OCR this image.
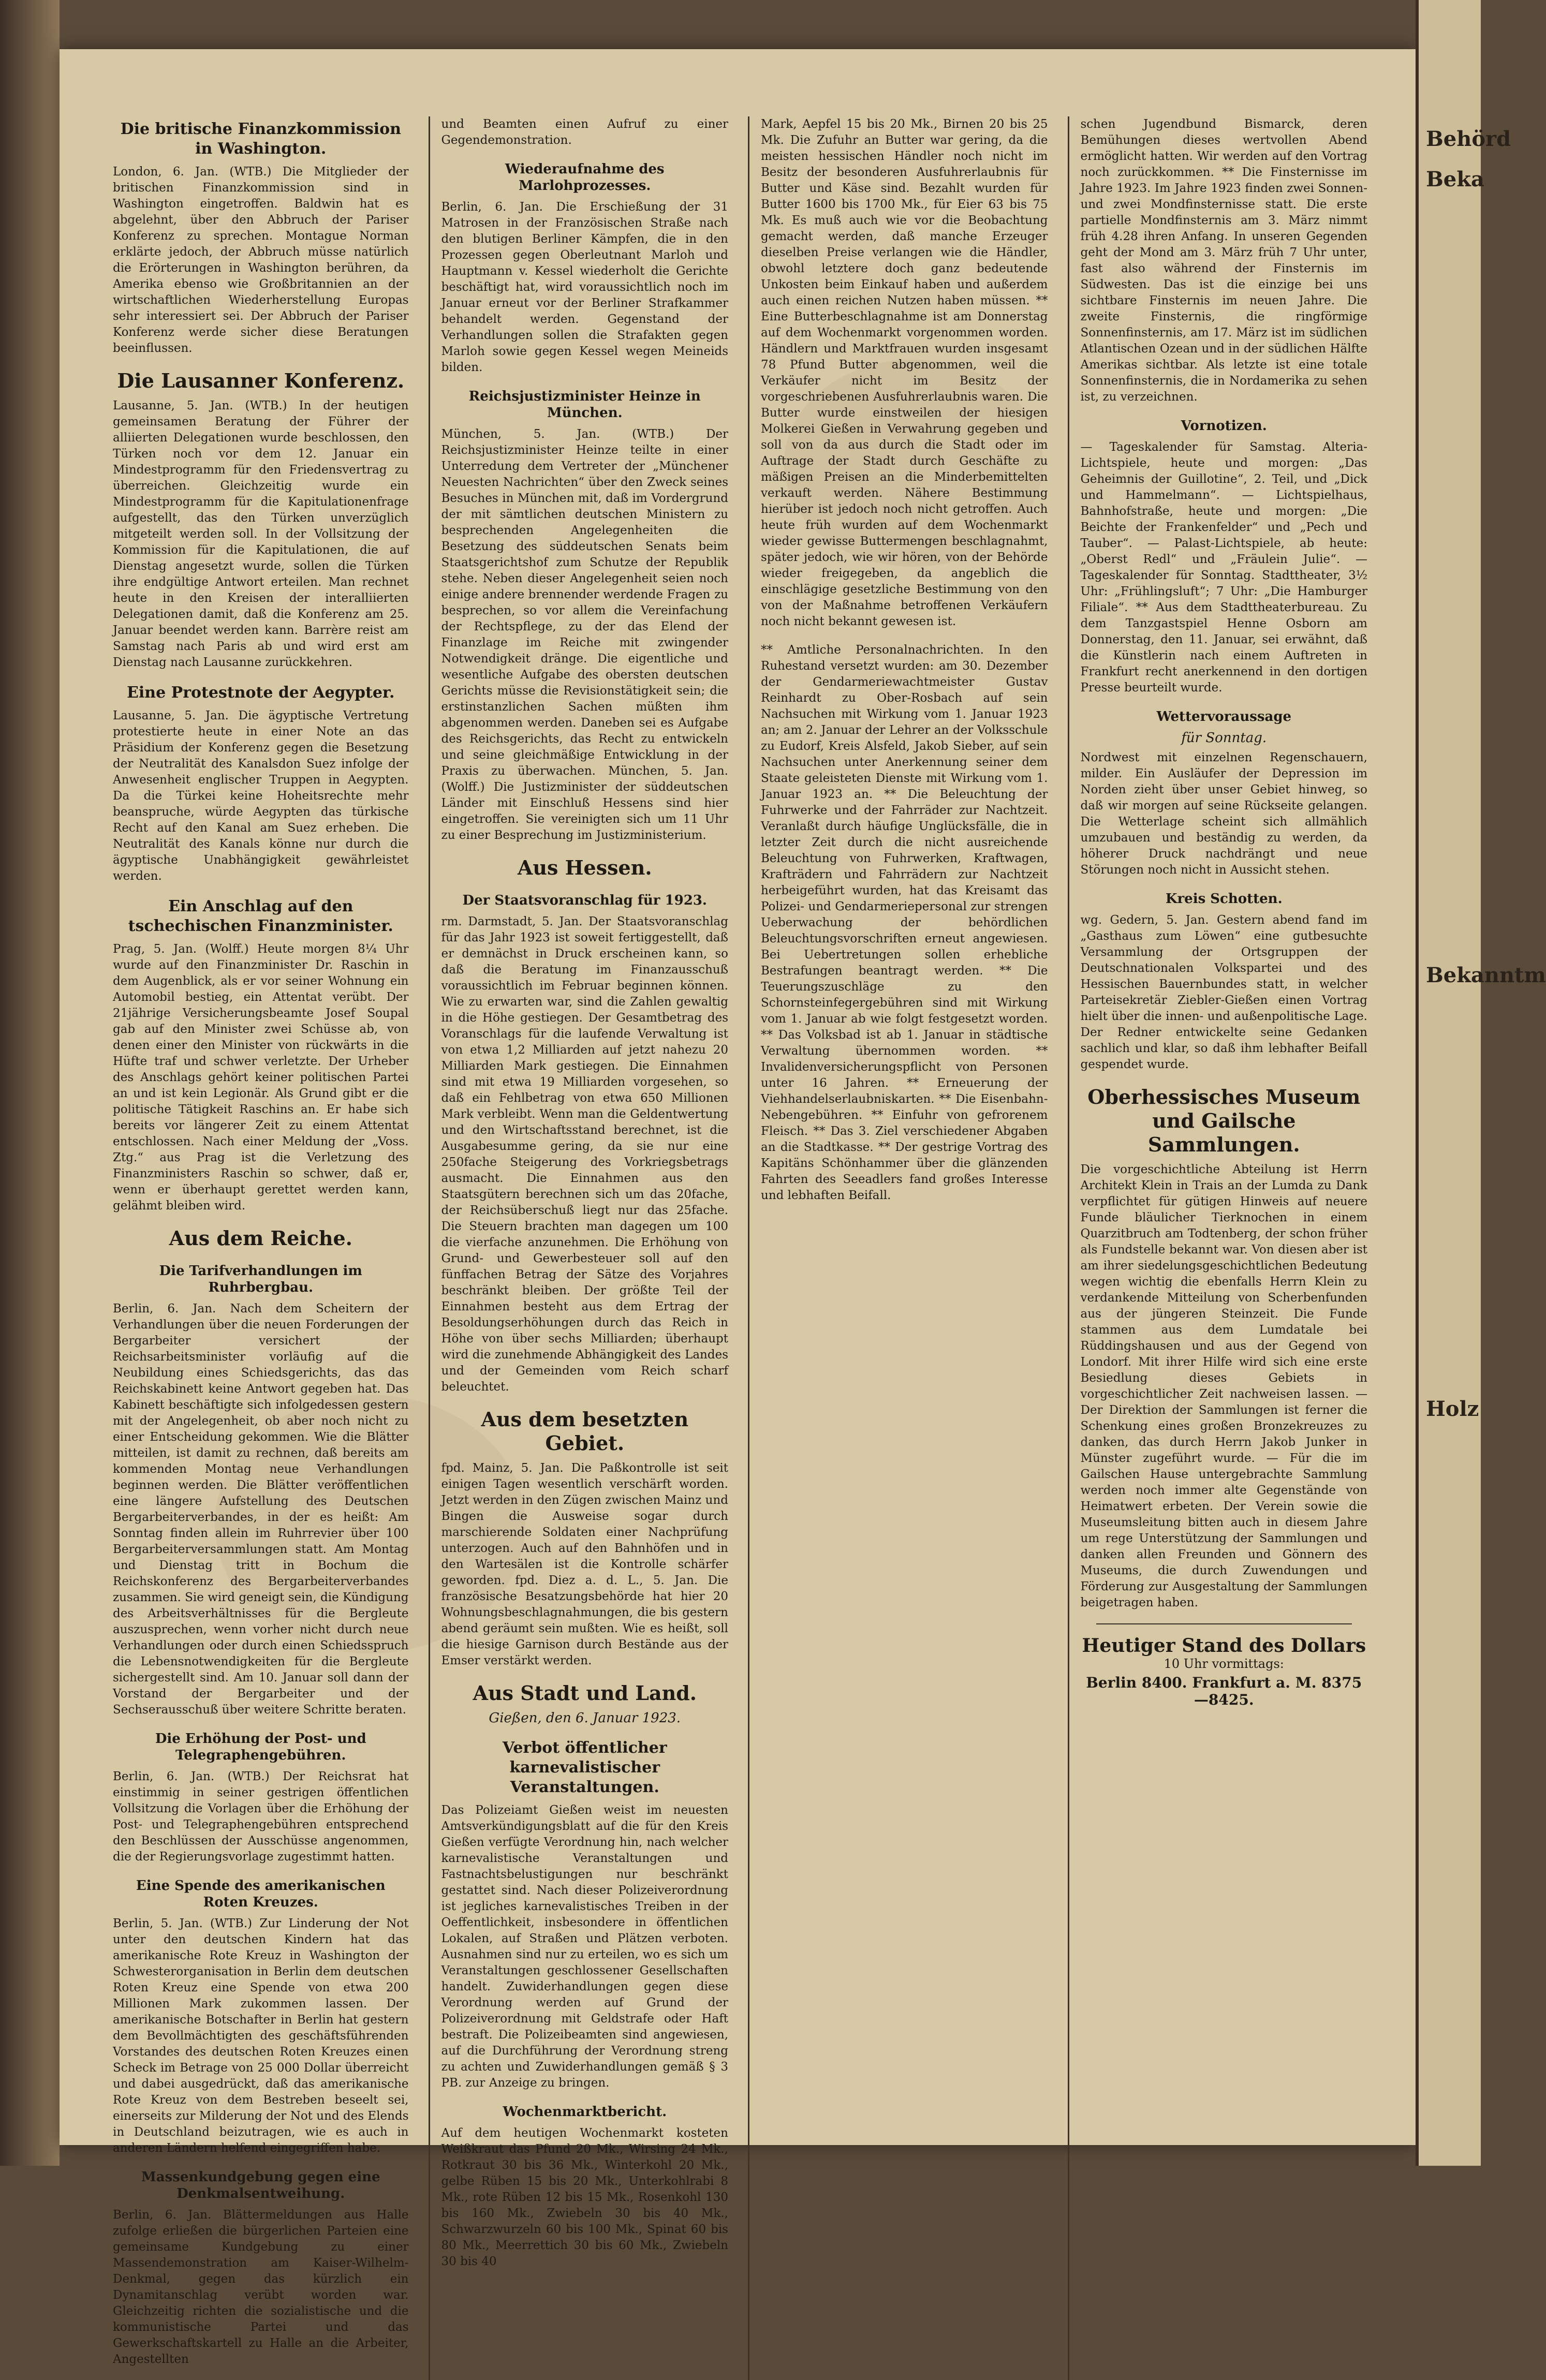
Die britische Finanzkommission in Washington.

London, 6. Jan. (WTB.) Die Mitglieder der britischen Finanzkommission sind in Washington eingetroffen. Baldwin hat es abgelehnt, über den Abbruch der Pariser Konferenz zu sprechen. Montague Norman erklärte jedoch, der Abbruch müsse natürlich die Erörterungen in Washington berühren, da Amerika ebenso wie Großbritannien an der wirtschaftlichen Wiederherstellung Europas sehr interessiert sei. Der Abbruch der Pariser Konferenz werde sicher diese Beratungen beeinflussen.

Die Lausanner Konferenz.

Lausanne, 5. Jan. (WTB.) In der heutigen gemeinsamen Beratung der Führer der alliierten Delegationen wurde beschlossen, den Türken noch vor dem 12. Januar ein Mindestprogramm für den Friedensvertrag zu überreichen. Gleichzeitig wurde ein Mindestprogramm für die Kapitulationenfrage aufgestellt, das den Türken unverzüglich mitgeteilt werden soll. In der Vollsitzung der Kommission für die Kapitulationen, die auf Dienstag angesetzt wurde, sollen die Türken ihre endgültige Antwort erteilen. Man rechnet heute in den Kreisen der interalliierten Delegationen damit, daß die Konferenz am 25. Januar beendet werden kann. Barrère reist am Samstag nach Paris ab und wird erst am Dienstag nach Lausanne zurückkehren.

Eine Protestnote der Aegypter.

Lausanne, 5. Jan. Die ägyptische Vertretung protestierte heute in einer Note an das Präsidium der Konferenz gegen die Besetzung der Neutralität des Kanalsdon Suez infolge der Anwesenheit englischer Truppen in Aegypten. Da die Türkei keine Hoheitsrechte mehr beanspruche, würde Aegypten das türkische Recht auf den Kanal am Suez erheben. Die Neutralität des Kanals könne nur durch die ägyptische Unabhängigkeit gewährleistet werden.

Ein Anschlag auf den tschechischen Finanzminister.

Prag, 5. Jan. (Wolff.) Heute morgen 8¼ Uhr wurde auf den Finanzminister Dr. Raschin in dem Augenblick, als er vor seiner Wohnung ein Automobil bestieg, ein Attentat verübt. Der 21jährige Versicherungsbeamte Josef Soupal gab auf den Minister zwei Schüsse ab, von denen einer den Minister von rückwärts in die Hüfte traf und schwer verletzte. Der Urheber des Anschlags gehört keiner politischen Partei an und ist kein Legionär. Als Grund gibt er die politische Tätigkeit Raschins an. Er habe sich bereits vor längerer Zeit zu einem Attentat entschlossen. Nach einer Meldung der „Voss. Ztg.“ aus Prag ist die Verletzung des Finanzministers Raschin so schwer, daß er, wenn er überhaupt gerettet werden kann, gelähmt bleiben wird.

Aus dem Reiche.
Die Tarifverhandlungen im Ruhrbergbau.

Berlin, 6. Jan. Nach dem Scheitern der Verhandlungen über die neuen Forderungen der Bergarbeiter versichert der Reichsarbeitsminister vorläufig auf die Neubildung eines Schiedsgerichts, das das Reichskabinett keine Antwort gegeben hat. Das Kabinett beschäftigte sich infolgedessen gestern mit der Angelegenheit, ob aber noch nicht zu einer Entscheidung gekommen. Wie die Blätter mitteilen, ist damit zu rechnen, daß bereits am kommenden Montag neue Verhandlungen beginnen werden. Die Blätter veröffentlichen eine längere Aufstellung des Deutschen Bergarbeiterverbandes, in der es heißt: Am Sonntag finden allein im Ruhrrevier über 100 Bergarbeiterversammlungen statt. Am Montag und Dienstag tritt in Bochum die Reichskonferenz des Bergarbeiterverbandes zusammen. Sie wird geneigt sein, die Kündigung des Arbeitsverhältnisses für die Bergleute auszusprechen, wenn vorher nicht durch neue Verhandlungen oder durch einen Schiedsspruch die Lebensnotwendigkeiten für die Bergleute sichergestellt sind. Am 10. Januar soll dann der Vorstand der Bergarbeiter und der Sechserausschuß über weitere Schritte beraten.

Die Erhöhung der Post- und Telegraphengebühren.

Berlin, 6. Jan. (WTB.) Der Reichsrat hat einstimmig in seiner gestrigen öffentlichen Vollsitzung die Vorlagen über die Erhöhung der Post- und Telegraphengebühren entsprechend den Beschlüssen der Ausschüsse angenommen, die der Regierungsvorlage zugestimmt hatten.

Eine Spende des amerikanischen Roten Kreuzes.

Berlin, 5. Jan. (WTB.) Zur Linderung der Not unter den deutschen Kindern hat das amerikanische Rote Kreuz in Washington der Schwesterorganisation in Berlin dem deutschen Roten Kreuz eine Spende von etwa 200 Millionen Mark zukommen lassen. Der amerikanische Botschafter in Berlin hat gestern dem Bevollmächtigten des geschäftsführenden Vorstandes des deutschen Roten Kreuzes einen Scheck im Betrage von 25 000 Dollar überreicht und dabei ausgedrückt, daß das amerikanische Rote Kreuz von dem Bestreben beseelt sei, einerseits zur Milderung der Not und des Elends in Deutschland beizutragen, wie es auch in anderen Ländern helfend eingegriffen habe.

Massenkundgebung gegen eine Denkmalsentweihung.

Berlin, 6. Jan. Blättermeldungen aus Halle zufolge erließen die bürgerlichen Parteien eine gemeinsame Kundgebung zu einer Massendemonstration am Kaiser-Wilhelm-Denkmal, gegen das kürzlich ein Dynamitanschlag verübt worden war. Gleichzeitig richten die sozialistische und die kommunistische Partei und das Gewerkschaftskartell zu Halle an die Arbeiter, Angestellten

und Beamten einen Aufruf zu einer Gegendemonstration.

Wiederaufnahme des Marlohprozesses.

Berlin, 6. Jan. Die Erschießung der 31 Matrosen in der Französischen Straße nach den blutigen Berliner Kämpfen, die in den Prozessen gegen Oberleutnant Marloh und Hauptmann v. Kessel wiederholt die Gerichte beschäftigt hat, wird voraussichtlich noch im Januar erneut vor der Berliner Strafkammer behandelt werden. Gegenstand der Verhandlungen sollen die Strafakten gegen Marloh sowie gegen Kessel wegen Meineids bilden.

Reichsjustizminister Heinze in München.

München, 5. Jan. (WTB.) Der Reichsjustizminister Heinze teilte in einer Unterredung dem Vertreter der „Münchener Neuesten Nachrichten“ über den Zweck seines Besuches in München mit, daß im Vordergrund der mit sämtlichen deutschen Ministern zu besprechenden Angelegenheiten die Besetzung des süddeutschen Senats beim Staatsgerichtshof zum Schutze der Republik stehe. Neben dieser Angelegenheit seien noch einige andere brennender werdende Fragen zu besprechen, so vor allem die Vereinfachung der Rechtspflege, zu der das Elend der Finanzlage im Reiche mit zwingender Notwendigkeit dränge. Die eigentliche und wesentliche Aufgabe des obersten deutschen Gerichts müsse die Revisionstätigkeit sein; die erstinstanzlichen Sachen müßten ihm abgenommen werden. Daneben sei es Aufgabe des Reichsgerichts, das Recht zu entwickeln und seine gleichmäßige Entwicklung in der Praxis zu überwachen. München, 5. Jan. (Wolff.) Die Justizminister der süddeutschen Länder mit Einschluß Hessens sind hier eingetroffen. Sie vereinigten sich um 11 Uhr zu einer Besprechung im Justizministerium.

Aus Hessen.
Der Staatsvoranschlag für 1923.

rm. Darmstadt, 5. Jan. Der Staatsvoranschlag für das Jahr 1923 ist soweit fertiggestellt, daß er demnächst in Druck erscheinen kann, so daß die Beratung im Finanzausschuß voraussichtlich im Februar beginnen können. Wie zu erwarten war, sind die Zahlen gewaltig in die Höhe gestiegen. Der Gesamtbetrag des Voranschlags für die laufende Verwaltung ist von etwa 1,2 Milliarden auf jetzt nahezu 20 Milliarden Mark gestiegen. Die Einnahmen sind mit etwa 19 Milliarden vorgesehen, so daß ein Fehlbetrag von etwa 650 Millionen Mark verbleibt. Wenn man die Geldentwertung und den Wirtschaftsstand berechnet, ist die Ausgabesumme gering, da sie nur eine 250fache Steigerung des Vorkriegsbetrags ausmacht. Die Einnahmen aus den Staatsgütern berechnen sich um das 20fache, der Reichsüberschuß liegt nur das 25fache. Die Steuern brachten man dagegen um 100 die vierfache anzunehmen. Die Erhöhung von Grund- und Gewerbesteuer soll auf den fünffachen Betrag der Sätze des Vorjahres beschränkt bleiben. Der größte Teil der Einnahmen besteht aus dem Ertrag der Besoldungserhöhungen durch das Reich in Höhe von über sechs Milliarden; überhaupt wird die zunehmende Abhängigkeit des Landes und der Gemeinden vom Reich scharf beleuchtet.

Aus dem besetzten Gebiet.

fpd. Mainz, 5. Jan. Die Paßkontrolle ist seit einigen Tagen wesentlich verschärft worden. Jetzt werden in den Zügen zwischen Mainz und Bingen die Ausweise sogar durch marschierende Soldaten einer Nachprüfung unterzogen. Auch auf den Bahnhöfen und in den Wartesälen ist die Kontrolle schärfer geworden. fpd. Diez a. d. L., 5. Jan. Die französische Besatzungsbehörde hat hier 20 Wohnungsbeschlagnahmungen, die bis gestern abend geräumt sein mußten. Wie es heißt, soll die hiesige Garnison durch Bestände aus der Emser verstärkt werden.

Aus Stadt und Land.
Gießen, den 6. Januar 1923.
Verbot öffentlicher karnevalistischer Veranstaltungen.

Das Polizeiamt Gießen weist im neuesten Amtsverkündigungsblatt auf die für den Kreis Gießen verfügte Verordnung hin, nach welcher karnevalistische Veranstaltungen und Fastnachtsbelustigungen nur beschränkt gestattet sind. Nach dieser Polizeiverordnung ist jegliches karnevalistisches Treiben in der Oeffentlichkeit, insbesondere in öffentlichen Lokalen, auf Straßen und Plätzen verboten. Ausnahmen sind nur zu erteilen, wo es sich um Veranstaltungen geschlossener Gesellschaften handelt. Zuwiderhandlungen gegen diese Verordnung werden auf Grund der Polizeiverordnung mit Geldstrafe oder Haft bestraft. Die Polizeibeamten sind angewiesen, auf die Durchführung der Verordnung streng zu achten und Zuwiderhandlungen gemäß § 3 PB. zur Anzeige zu bringen.

Wochenmarktbericht.

Auf dem heutigen Wochenmarkt kosteten Weißkraut das Pfund 20 Mk., Wirsing 24 Mk., Rotkraut 30 bis 36 Mk., Winterkohl 20 Mk., gelbe Rüben 15 bis 20 Mk., Unterkohlrabi 8 Mk., rote Rüben 12 bis 15 Mk., Rosenkohl 130 bis 160 Mk., Zwiebeln 30 bis 40 Mk., Schwarzwurzeln 60 bis 100 Mk., Spinat 60 bis 80 Mk., Meerrettich 30 bis 60 Mk., Zwiebeln 30 bis 40

Mark, Aepfel 15 bis 20 Mk., Birnen 20 bis 25 Mk. Die Zufuhr an Butter war gering, da die meisten hessischen Händler noch nicht im Besitz der besonderen Ausfuhrerlaubnis für Butter und Käse sind. Bezahlt wurden für Butter 1600 bis 1700 Mk., für Eier 63 bis 75 Mk. Es muß auch wie vor die Beobachtung gemacht werden, daß manche Erzeuger dieselben Preise verlangen wie die Händler, obwohl letztere doch ganz bedeutende Unkosten beim Einkauf haben und außerdem auch einen reichen Nutzen haben müssen. ** Eine Butterbeschlagnahme ist am Donnerstag auf dem Wochenmarkt vorgenommen worden. Händlern und Marktfrauen wurden insgesamt 78 Pfund Butter abgenommen, weil die Verkäufer nicht im Besitz der vorgeschriebenen Ausfuhrerlaubnis waren. Die Butter wurde einstweilen der hiesigen Molkerei Gießen in Verwahrung gegeben und soll von da aus durch die Stadt oder im Auftrage der Stadt durch Geschäfte zu mäßigen Preisen an die Minderbemittelten verkauft werden. Nähere Bestimmung hierüber ist jedoch noch nicht getroffen. Auch heute früh wurden auf dem Wochenmarkt wieder gewisse Buttermengen beschlagnahmt, später jedoch, wie wir hören, von der Behörde wieder freigegeben, da angeblich die einschlägige gesetzliche Bestimmung von den von der Maßnahme betroffenen Verkäufern noch nicht bekannt gewesen ist.

** Amtliche Personalnachrichten. In den Ruhestand versetzt wurden: am 30. Dezember der Gendarmeriewachtmeister Gustav Reinhardt zu Ober-Rosbach auf sein Nachsuchen mit Wirkung vom 1. Januar 1923 an; am 2. Januar der Lehrer an der Volksschule zu Eudorf, Kreis Alsfeld, Jakob Sieber, auf sein Nachsuchen unter Anerkennung seiner dem Staate geleisteten Dienste mit Wirkung vom 1. Januar 1923 an. ** Die Beleuchtung der Fuhrwerke und der Fahrräder zur Nachtzeit. Veranlaßt durch häufige Unglücksfälle, die in letzter Zeit durch die nicht ausreichende Beleuchtung von Fuhrwerken, Kraftwagen, Krafträdern und Fahrrädern zur Nachtzeit herbeigeführt wurden, hat das Kreisamt das Polizei- und Gendarmeriepersonal zur strengen Ueberwachung der behördlichen Beleuchtungsvorschriften erneut angewiesen. Bei Uebertretungen sollen erhebliche Bestrafungen beantragt werden. ** Die Teuerungszuschläge zu den Schornsteinfegergebühren sind mit Wirkung vom 1. Januar ab wie folgt festgesetzt worden. ** Das Volksbad ist ab 1. Januar in städtische Verwaltung übernommen worden. ** Invalidenversicherungspflicht von Personen unter 16 Jahren. ** Erneuerung der Viehhandelserlaubniskarten. ** Die Eisenbahn-Nebengebühren. ** Einfuhr von gefrorenem Fleisch. ** Das 3. Ziel verschiedener Abgaben an die Stadtkasse. ** Der gestrige Vortrag des Kapitäns Schönhammer über die glänzenden Fahrten des Seeadlers fand großes Interesse und lebhaften Beifall.

schen Jugendbund Bismarck, deren Bemühungen dieses wertvollen Abend ermöglicht hatten. Wir werden auf den Vortrag noch zurückkommen. ** Die Finsternisse im Jahre 1923. Im Jahre 1923 finden zwei Sonnen- und zwei Mondfinsternisse statt. Die erste partielle Mondfinsternis am 3. März nimmt früh 4.28 ihren Anfang. In unseren Gegenden geht der Mond am 3. März früh 7 Uhr unter, fast also während der Finsternis im Südwesten. Das ist die einzige bei uns sichtbare Finsternis im neuen Jahre. Die zweite Finsternis, die ringförmige Sonnenfinsternis, am 17. März ist im südlichen Atlantischen Ozean und in der südlichen Hälfte Amerikas sichtbar. Als letzte ist eine totale Sonnenfinsternis, die in Nordamerika zu sehen ist, zu verzeichnen.

Vornotizen.

— Tageskalender für Samstag. Alteria-Lichtspiele, heute und morgen: „Das Geheimnis der Guillotine“, 2. Teil, und „Dick und Hammelmann“. — Lichtspielhaus, Bahnhofstraße, heute und morgen: „Die Beichte der Frankenfelder“ und „Pech und Tauber“. — Palast-Lichtspiele, ab heute: „Oberst Redl“ und „Fräulein Julie“. — Tageskalender für Sonntag. Stadttheater, 3½ Uhr: „Frühlingsluft“; 7 Uhr: „Die Hamburger Filiale“. ** Aus dem Stadttheaterbureau. Zu dem Tanzgastspiel Henne Osborn am Donnerstag, den 11. Januar, sei erwähnt, daß die Künstlerin nach einem Auftreten in Frankfurt recht anerkennend in den dortigen Presse beurteilt wurde.

Wettervoraussage
für Sonntag.

Nordwest mit einzelnen Regenschauern, milder. Ein Ausläufer der Depression im Norden zieht über unser Gebiet hinweg, so daß wir morgen auf seine Rückseite gelangen. Die Wetterlage scheint sich allmählich umzubauen und beständig zu werden, da höherer Druck nachdrängt und neue Störungen noch nicht in Aussicht stehen.

Kreis Schotten.

wg. Gedern, 5. Jan. Gestern abend fand im „Gasthaus zum Löwen“ eine gutbesuchte Versammlung der Ortsgruppen der Deutschnationalen Volkspartei und des Hessischen Bauernbundes statt, in welcher Parteisekretär Ziebler-Gießen einen Vortrag hielt über die innen- und außenpolitische Lage. Der Redner entwickelte seine Gedanken sachlich und klar, so daß ihm lebhafter Beifall gespendet wurde.

Oberhessisches Museum und Gailsche Sammlungen.

Die vorgeschichtliche Abteilung ist Herrn Architekt Klein in Trais an der Lumda zu Dank verpflichtet für gütigen Hinweis auf neuere Funde bläulicher Tierknochen in einem Quarzitbruch am Todtenberg, der schon früher als Fundstelle bekannt war. Von diesen aber ist am ihrer siedelungsgeschichtlichen Bedeutung wegen wichtig die ebenfalls Herrn Klein zu verdankende Mitteilung von Scherbenfunden aus der jüngeren Steinzeit. Die Funde stammen aus dem Lumdatale bei Rüddingshausen und aus der Gegend von Londorf. Mit ihrer Hilfe wird sich eine erste Besiedlung dieses Gebiets in vorgeschichtlicher Zeit nachweisen lassen. — Der Direktion der Sammlungen ist ferner die Schenkung eines großen Bronzekreuzes zu danken, das durch Herrn Jakob Junker in Münster zugeführt wurde. — Für die im Gailschen Hause untergebrachte Sammlung werden noch immer alte Gegenstände von Heimatwert erbeten. Der Verein sowie die Museumsleitung bitten auch in diesem Jahre um rege Unterstützung der Sammlungen und danken allen Freunden und Gönnern des Museums, die durch Zuwendungen und Förderung zur Ausgestaltung der Sammlungen beigetragen haben.

Heutiger Stand des Dollars
10 Uhr vormittags:

Berlin 8400. Frankfurt a. M. 8375—8425.

Behörd
Beka
Bekanntm
Holz
